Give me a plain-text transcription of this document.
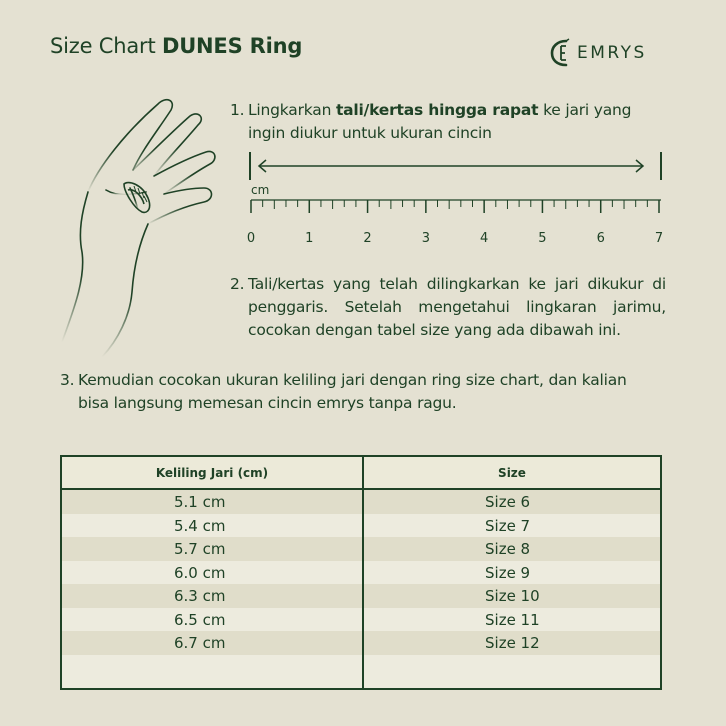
Size Chart DUNES Ring	EMRYS
1. Lingkarkan tali/kertas hingga rapat ke jari yang
ingin diukur untuk ukuran cincin
cm
0	1	2	3	4	5	6	7
2. Tali/kertas yang telah dilingkarkan ke jari dikukur di
penggaris. Setelah mengetahui lingkaran jarimu,
cocokan dengan tabel size yang ada dibawah ini.
3. Kemudian cocokan ukuran keliling jari dengan ring size chart, dan kalian
bisa langsung memesan cincin emrys tanpa ragu.
5.1 cm	Size 6
5.4 cm	Size 7
5.7 cm	Size 8
6.0 cm	Size 9
6.3 cm	Size 10
6.5 cm	Size 11
6.7 cm	Size 12
Keliling Jari (cm)	Size
